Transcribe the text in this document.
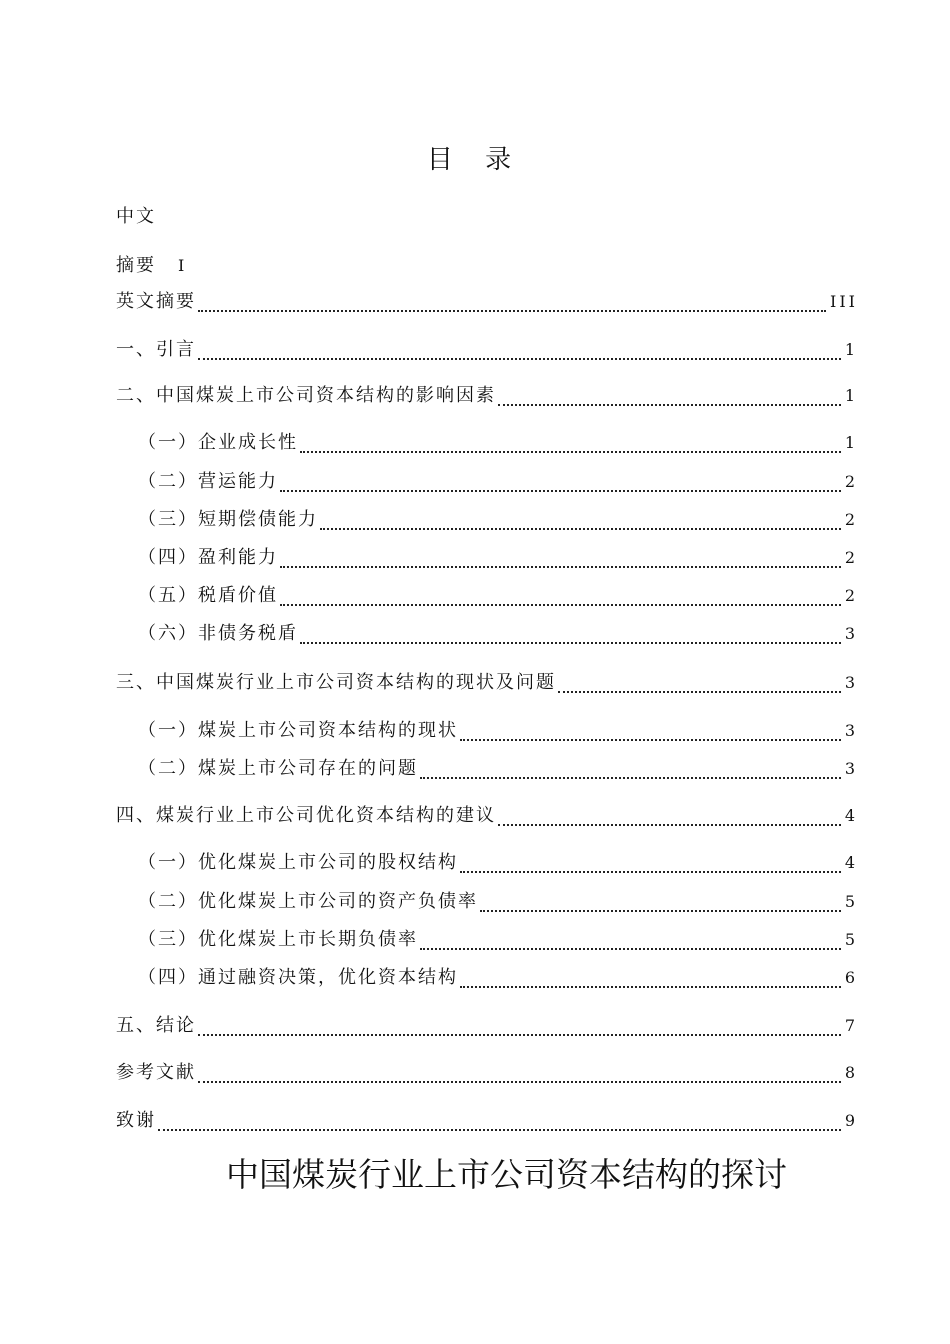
目 录
中文
摘要 I
英文摘要	III
一、引言	1
二、中国煤炭上市公司资本结构的影响因素	1
（一）企业成长性	1
（二）营运能力	2
（三）短期偿债能力	2
（四）盈利能力	2
（五）税盾价值	2
（六）非债务税盾	3
三、中国煤炭行业上市公司资本结构的现状及问题	3
（一）煤炭上市公司资本结构的现状	3
（二）煤炭上市公司存在的问题	3
四、煤炭行业上市公司优化资本结构的建议	4
（一）优化煤炭上市公司的股权结构	4
（二）优化煤炭上市公司的资产负债率	5
（三）优化煤炭上市长期负债率	5
（四）通过融资决策，优化资本结构	6
五、结论	7
参考文献	8
致谢	9
中国煤炭行业上市公司资本结构的探讨
